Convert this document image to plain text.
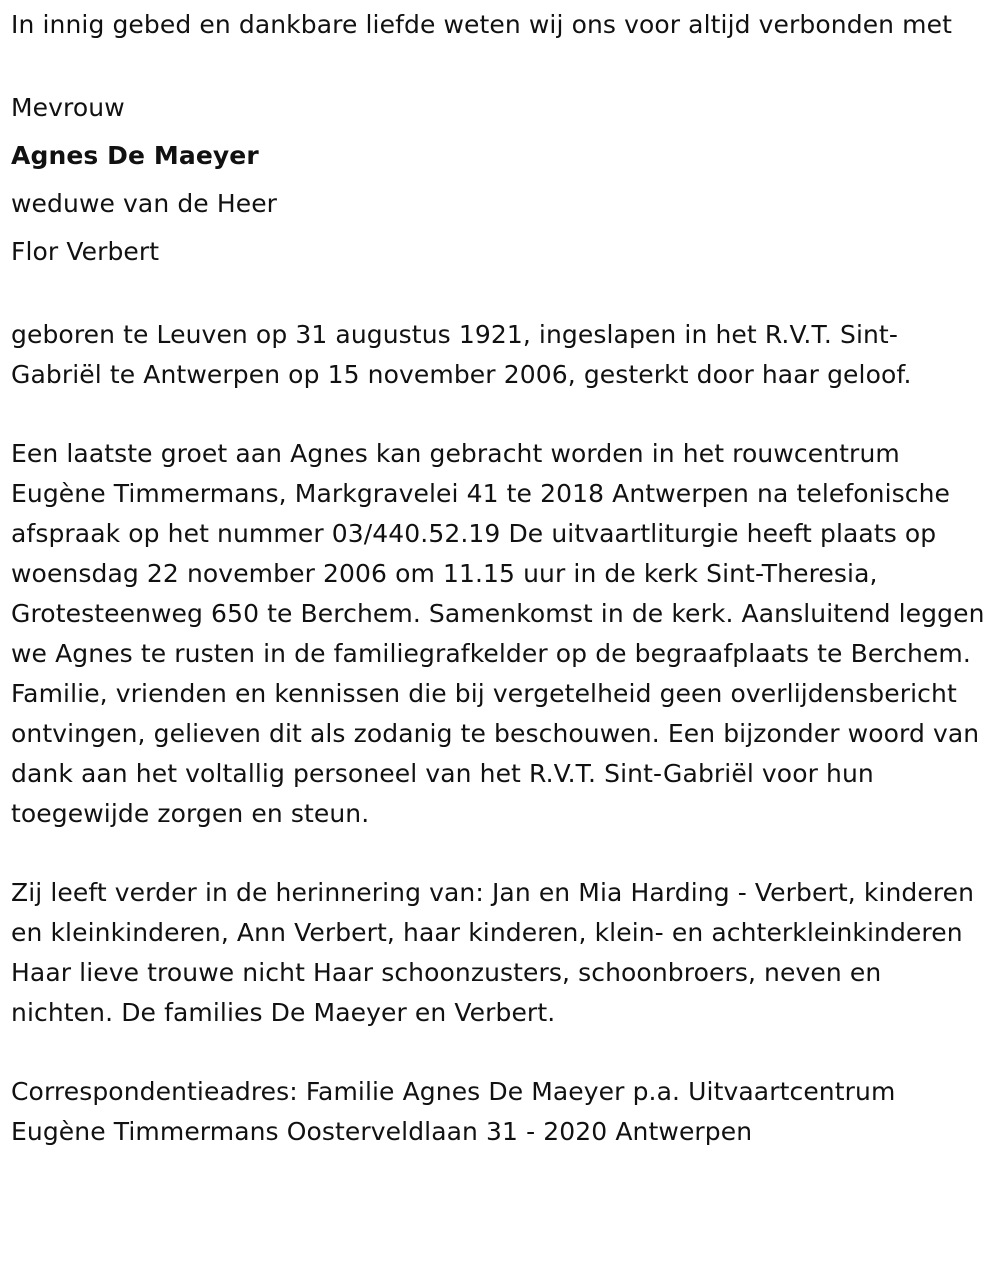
In innig gebed en dankbare liefde weten wij ons voor altijd verbonden met

Mevrouw

Agnes De Maeyer

weduwe van de Heer

Flor Verbert

geboren te Leuven op 31 augustus 1921, ingeslapen in het R.V.T. Sint-Gabriël te Antwerpen op 15 november 2006, gesterkt door haar geloof.

Een laatste groet aan Agnes kan gebracht worden in het rouwcentrum Eugène Timmermans, Markgravelei 41 te 2018 Antwerpen na telefonische afspraak op het nummer 03/440.52.19 De uitvaartliturgie heeft plaats op woensdag 22 november 2006 om 11.15 uur in de kerk Sint-Theresia, Grotesteenweg 650 te Berchem. Samenkomst in de kerk. Aansluitend leggen we Agnes te rusten in de familiegrafkelder op de begraafplaats te Berchem. Familie, vrienden en kennissen die bij vergetelheid geen overlijdensbericht ontvingen, gelieven dit als zodanig te beschouwen. Een bijzonder woord van dank aan het voltallig personeel van het R.V.T. Sint-Gabriël voor hun toegewijde zorgen en steun.

Zij leeft verder in de herinnering van: Jan en Mia Harding - Verbert, kinderen en kleinkinderen, Ann Verbert, haar kinderen, klein- en achterkleinkinderen Haar lieve trouwe nicht Haar schoonzusters, schoonbroers, neven en nichten. De families De Maeyer en Verbert.

Correspondentieadres: Familie Agnes De Maeyer p.a. Uitvaartcentrum Eugène Timmermans Oosterveldlaan 31 - 2020 Antwerpen
